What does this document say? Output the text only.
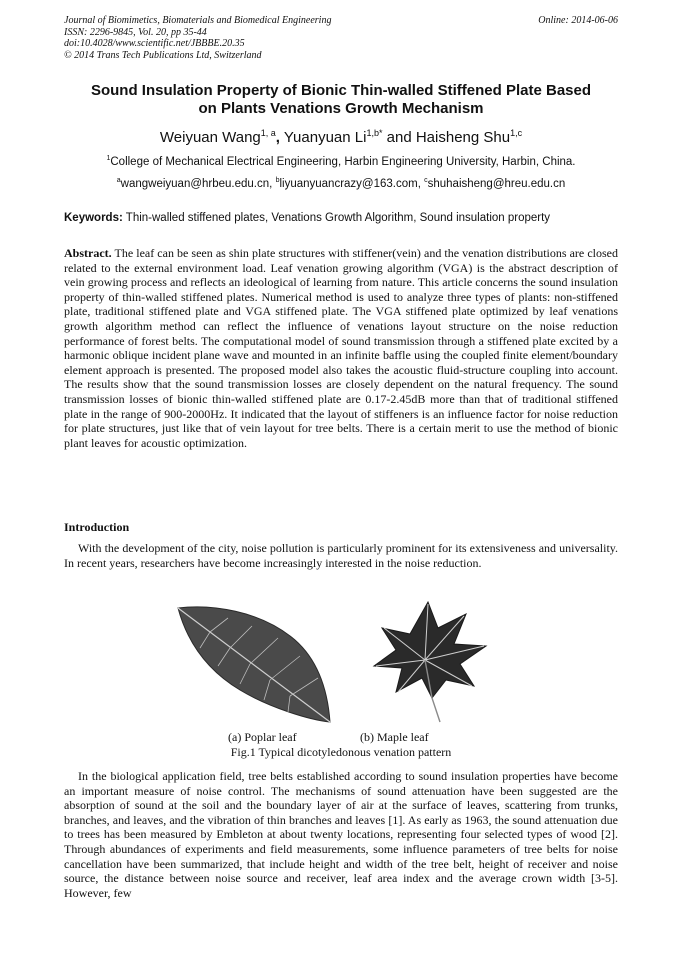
Journal of Biomimetics, Biomaterials and Biomedical Engineering
ISSN: 2296-9845, Vol. 20, pp 35-44
doi:10.4028/www.scientific.net/JBBBE.20.35
© 2014 Trans Tech Publications Ltd, Switzerland
Online: 2014-06-06
Sound Insulation Property of Bionic Thin-walled Stiffened Plate Based
on Plants Venations Growth Mechanism
Weiyuan Wang$^{1, a}$, Yuanyuan $Li^{1,b*}$ and Haisheng Shu$^{1,c}$
$^1$College of Mechanical Electrical Engineering, Harbin Engineering University, Harbin, China.
$^a$wangweiyuan@hrbeu.edu.cn, $^b$liyuanyuancrazy@163.com, $^c$shuhaisheng@hreu.edu.cn
Keywords: Thin-walled stiffened plates, Venations Growth Algorithm, Sound insulation property
Abstract. The leaf can be seen as shin plate structures with stiffener(vein) and the venation distributions are closed related to the external environment load. Leaf venation growing algorithm (VGA) is the abstract description of vein growing process and reflects an ideological of learning from nature. This article concerns the sound insulation property of thin-walled stiffened plates. Numerical method is used to analyze three types of plants: non-stiffened plate, traditional stiffened plate and VGA stiffened plate. The VGA stiffened plate optimized by leaf venations growth algorithm method can reflect the influence of venations layout structure on the noise reduction performance of forest belts. The computational model of sound transmission through a stiffened plate excited by a harmonic oblique incident plane wave and mounted in an infinite baffle using the coupled finite element/boundary element approach is presented. The proposed model also takes the acoustic fluid-structure coupling into account. The results show that the sound transmission losses are closely dependent on the natural frequency. The sound transmission losses of bionic thin-walled stiffened plate are 0.17-2.45dB more than that of traditional stiffened plate in the range of 900-2000Hz. It indicated that the layout of stiffeners is an influence factor for noise reduction for plate structures, just like that of vein layout for tree belts. There is a certain merit to use the method of bionic plant leaves for acoustic optimization.
Introduction
With the development of the city, noise pollution is particularly prominent for its extensiveness and universality. In recent years, researchers have become increasingly interested in the noise reduction.
(a) Poplar leaf	(b) Maple leaf
Fig.1 Typical dicotyledonous venation pattern
In the biological application field, tree belts established according to sound insulation properties have become an important measure of noise control. The mechanisms of sound attenuation have been suggested are the absorption of sound at the soil and the boundary layer of air at the surface of leaves, scattering from trunks, branches, and leaves, and the vibration of thin branches and leaves [1]. As early as 1963, the sound attenuation due to trees has been measured by Embleton at about twenty locations, representing four selected types of wood [2]. Through abundances of experiments and field measurements, some influence parameters of tree belts for noise cancellation have been summarized, that include height and width of the tree belt, height of receiver and noise source, the distance between noise source and receiver, leaf area index and the average crown width [3-5]. However, few
